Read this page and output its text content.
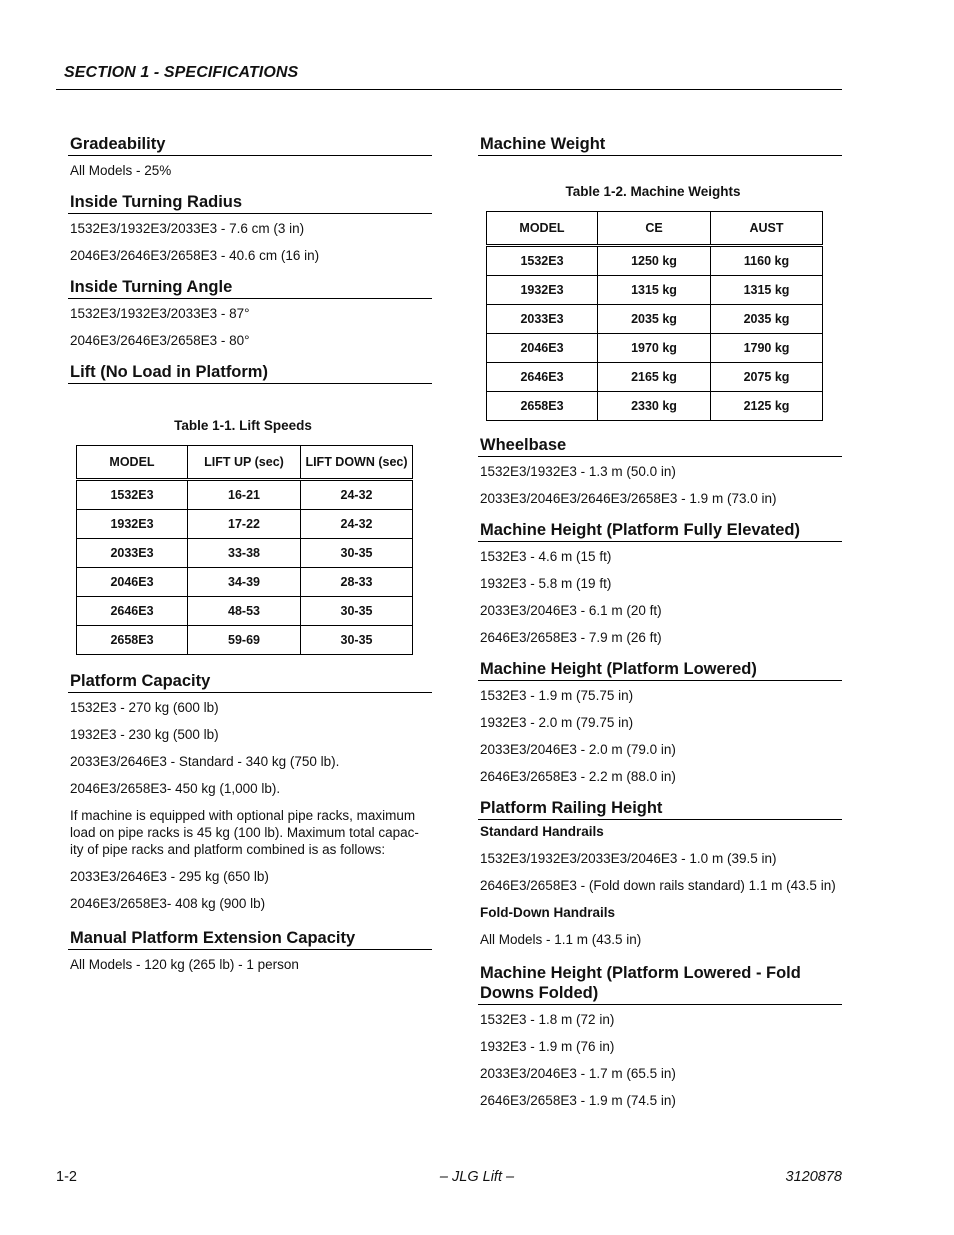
SECTION 1 - SPECIFICATIONS
Gradeability
All Models - 25%
Inside Turning Radius
1532E3/1932E3/2033E3 - 7.6 cm (3 in)
2046E3/2646E3/2658E3 - 40.6 cm (16 in)
Inside Turning Angle
1532E3/1932E3/2033E3 - 87°
2046E3/2646E3/2658E3 - 80°
Lift (No Load in Platform)
Table 1-1. Lift Speeds
MODEL	LIFT UP (sec)	LIFT DOWN (sec)
1532E3	16-21	24-32
1932E3	17-22	24-32
2033E3	33-38	30-35
2046E3	34-39	28-33
2646E3	48-53	30-35
2658E3	59-69	30-35
Platform Capacity
1532E3 - 270 kg (600 lb)
1932E3 - 230 kg (500 lb)
2033E3/2646E3 - Standard - 340 kg (750 lb).
2046E3/2658E3- 450 kg (1,000 lb).
If machine is equipped with optional pipe racks, maximum load on pipe racks is 45 kg (100 lb). Maximum total capac-ity of pipe racks and platform combined is as follows:
2033E3/2646E3 - 295 kg (650 lb)
2046E3/2658E3- 408 kg (900 lb)
Manual Platform Extension Capacity
All Models - 120 kg (265 lb) - 1 person
Machine Weight
Table 1-2. Machine Weights
MODEL	CE	AUST
1532E3	1250 kg	1160 kg
1932E3	1315 kg	1315 kg
2033E3	2035 kg	2035 kg
2046E3	1970 kg	1790 kg
2646E3	2165 kg	2075 kg
2658E3	2330 kg	2125 kg
Wheelbase
1532E3/1932E3 - 1.3 m (50.0 in)
2033E3/2046E3/2646E3/2658E3 - 1.9 m (73.0 in)
Machine Height (Platform Fully Elevated)
1532E3 - 4.6 m (15 ft)
1932E3 - 5.8 m (19 ft)
2033E3/2046E3 - 6.1 m (20 ft)
2646E3/2658E3 - 7.9 m (26 ft)
Machine Height (Platform Lowered)
1532E3 - 1.9 m (75.75 in)
1932E3 - 2.0 m (79.75 in)
2033E3/2046E3 - 2.0 m (79.0 in)
2646E3/2658E3 - 2.2 m (88.0 in)
Platform Railing Height
Standard Handrails
1532E3/1932E3/2033E3/2046E3 - 1.0 m (39.5 in)
2646E3/2658E3 - (Fold down rails standard) 1.1 m (43.5 in)
Fold-Down Handrails
All Models - 1.1 m (43.5 in)
Machine Height (Platform Lowered - Fold Downs Folded)
1532E3 - 1.8 m (72 in)
1932E3 - 1.9 m (76 in)
2033E3/2046E3 - 1.7 m (65.5 in)
2646E3/2658E3 - 1.9 m (74.5 in)
1-2	– JLG Lift –	3120878
